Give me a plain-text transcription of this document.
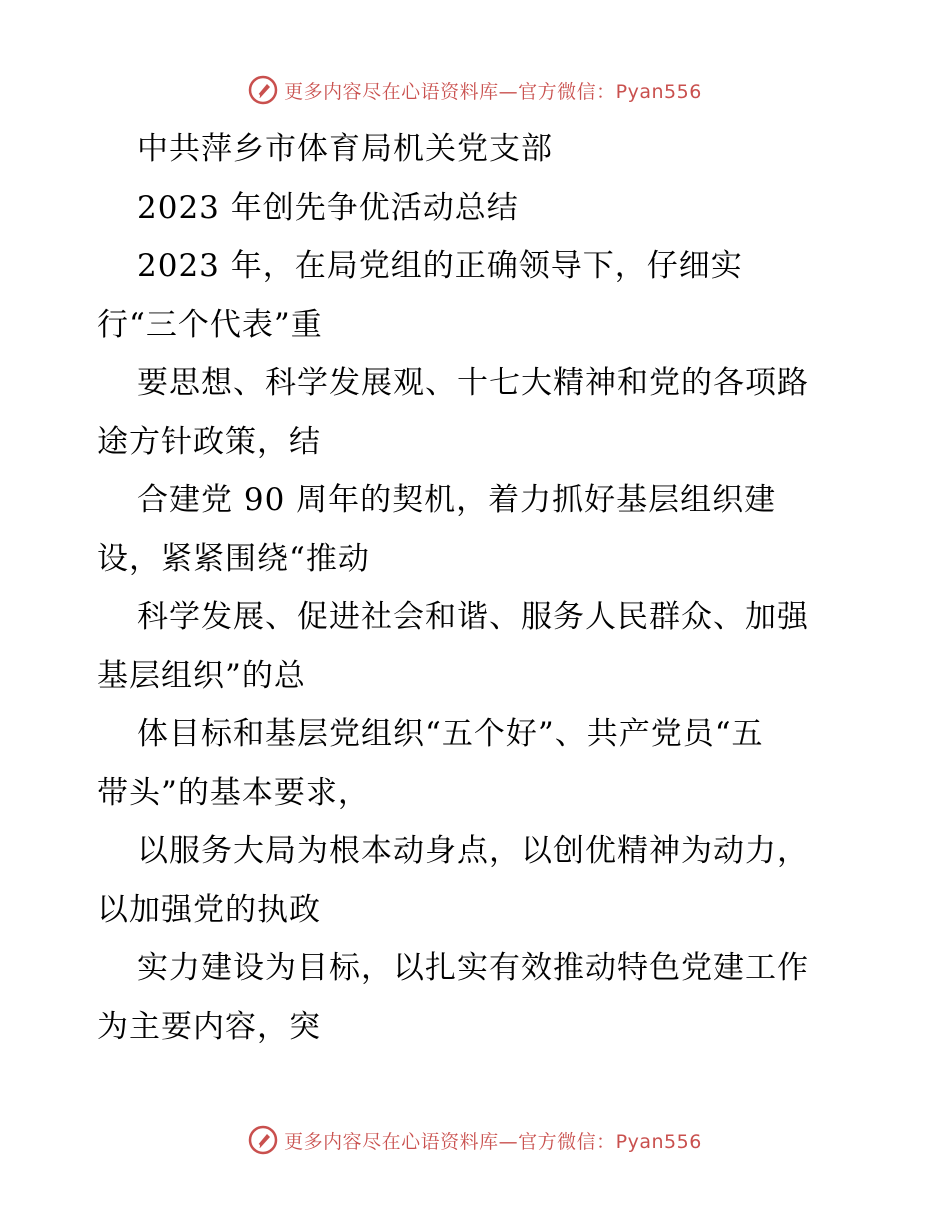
更多内容尽在心语资料库—官方微信：Pyan556
中共萍乡市体育局机关党支部
2023 年创先争优活动总结
2023 年，在局党组的正确领导下，仔细实
行“三个代表”重
要思想、科学发展观、十七大精神和党的各项路
途方针政策，结
合建党 90 周年的契机，着力抓好基层组织建
设，紧紧围绕“推动
科学发展、促进社会和谐、服务人民群众、加强
基层组织”的总
体目标和基层党组织“五个好”、共产党员“五
带头”的基本要求，
以服务大局为根本动身点，以创优精神为动力，
以加强党的执政
实力建设为目标，以扎实有效推动特色党建工作
为主要内容，突
更多内容尽在心语资料库—官方微信：Pyan556
